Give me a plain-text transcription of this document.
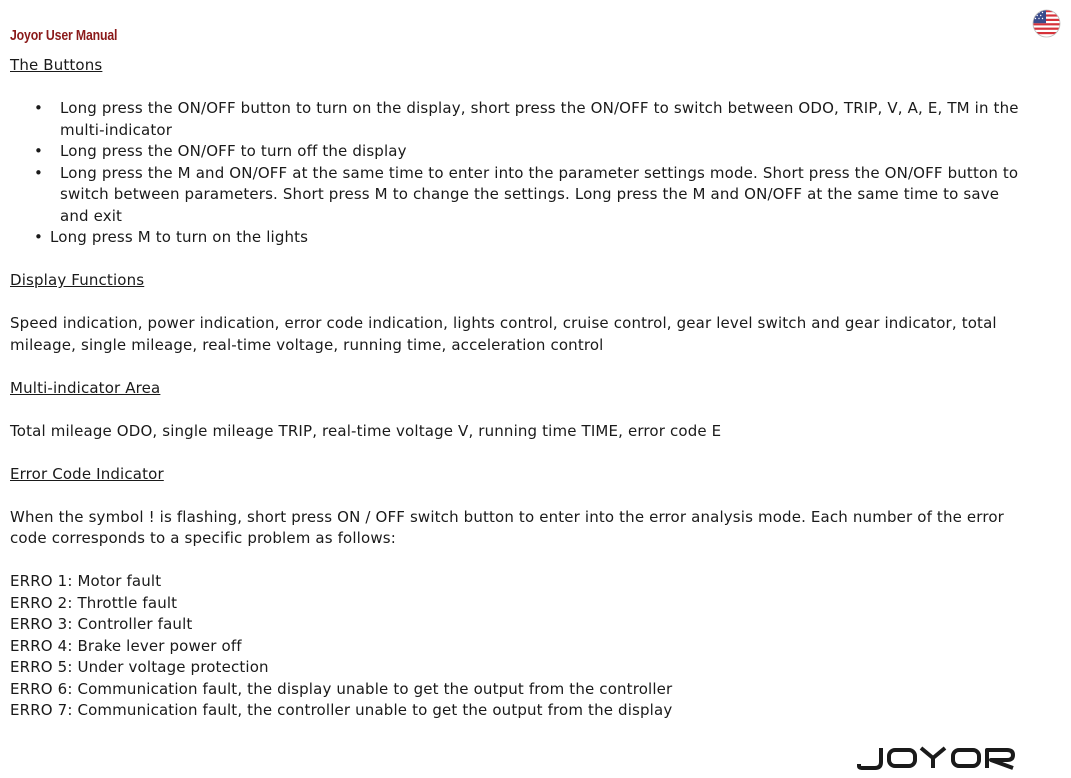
Joyor User Manual
The Buttons
• Long press the ON/OFF button to turn on the display, short press the ON/OFF to switch between ODO, TRIP, V, A, E, TM in the multi-indicator
• Long press the ON/OFF to turn off the display
• Long press the M and ON/OFF at the same time to enter into the parameter settings mode. Short press the ON/OFF button to switch between parameters. Short press M to change the settings. Long press the M and ON/OFF at the same time to save and exit
• Long press M to turn on the lights
Display Functions

Speed indication, power indication, error code indication, lights control, cruise control, gear level switch and gear indicator, total mileage, single mileage, real-time voltage, running time, acceleration control

Multi-indicator Area

Total mileage ODO, single mileage TRIP, real-time voltage V, running time TIME, error code E

Error Code Indicator

When the symbol ! is flashing, short press ON / OFF switch button to enter into the error analysis mode. Each number of the error code corresponds to a specific problem as follows:

ERRO 1: Motor fault

ERRO 2: Throttle fault

ERRO 3: Controller fault

ERRO 4: Brake lever power off

ERRO 5: Under voltage protection

ERRO 6: Communication fault, the display unable to get the output from the controller

ERRO 7: Communication fault, the controller unable to get the output from the display
